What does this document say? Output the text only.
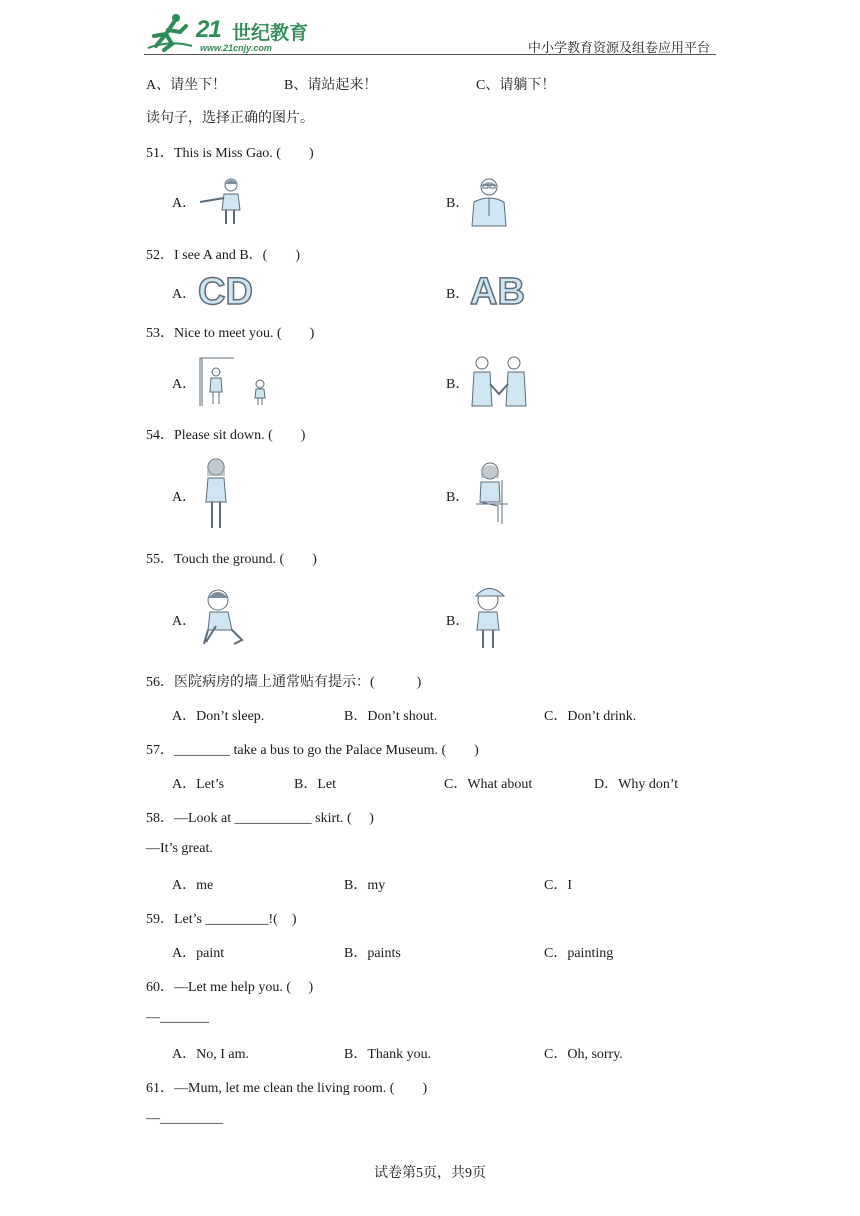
21 世纪教育
www.21cnjy.com	中小学教育资源及组卷应用平台
A、请坐下！	B、请站起来！	C、请躺下！
读句子，选择正确的图片。
51．This is Miss Gao. (　　)
A．	B．
52．I see A and B．(　　)
A． CD	B． AB
53．Nice to meet you. (　　)
A．	B．
54．Please sit down. (　　)
A．	B．
55．Touch the ground. (　　)
A．	B．
56．医院病房的墙上通常贴有提示：(　　　)
A．Don’t sleep.	B．Don’t shout.	C．Don’t drink.
57．________ take a bus to go the Palace Museum. (　　)
A．Let’s	B．Let	C．What about	D．Why don’t
58．—Look at ___________ skirt. (　 )
—It’s great.
A．me	B．my	C．I
59．Let’s _________!(　)
A．paint	B．paints	C．painting
60．—Let me help you. (　 )
—_______
A．No, I am.	B．Thank you.	C．Oh, sorry.
61．—Mum, let me clean the living room. (　　)
—_________
试卷第5页，共9页
